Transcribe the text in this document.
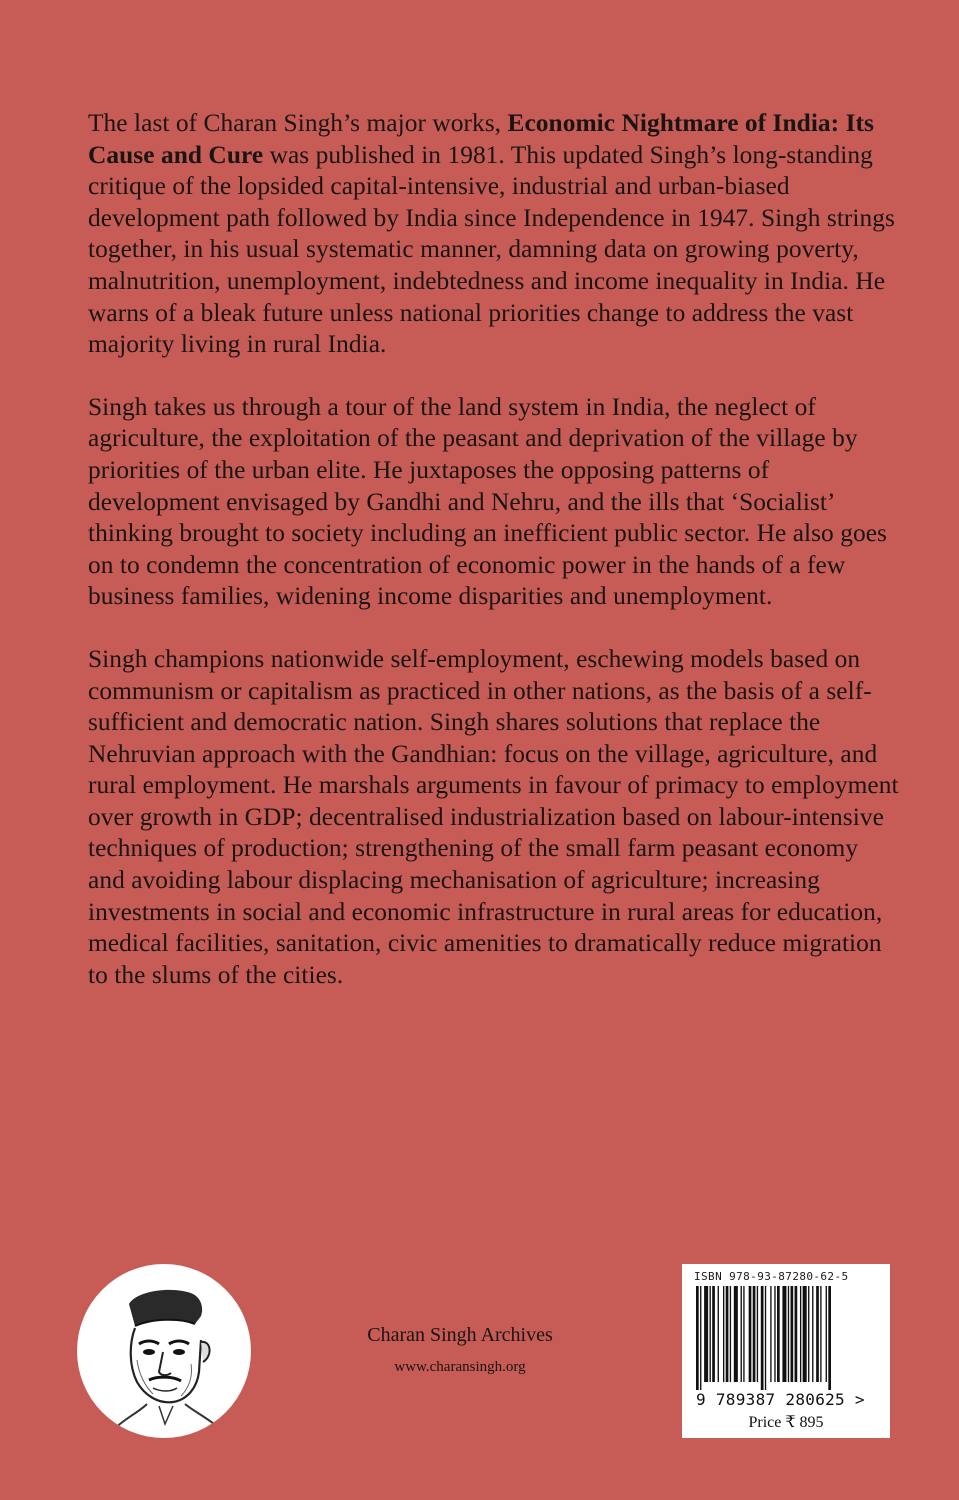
The last of Charan Singh’s major works, Economic Nightmare of India: Its Cause and Cure was published in 1981. This updated Singh’s long-standing critique of the lopsided capital-intensive, industrial and urban-biased development path followed by India since Independence in 1947. Singh strings together, in his usual systematic manner, damning data on growing poverty, malnutrition, unemployment, indebtedness and income inequality in India. He warns of a bleak future unless national priorities change to address the vast majority living in rural India.

Singh takes us through a tour of the land system in India, the neglect of agriculture, the exploitation of the peasant and deprivation of the village by priorities of the urban elite. He juxtaposes the opposing patterns of development envisaged by Gandhi and Nehru, and the ills that ‘Socialist’ thinking brought to society including an inefficient public sector. He also goes on to condemn the concentration of economic power in the hands of a few business families, widening income disparities and unemployment.

Singh champions nationwide self-employment, eschewing models based on communism or capitalism as practiced in other nations, as the basis of a self-sufficient and democratic nation. Singh shares solutions that replace the Nehruvian approach with the Gandhian: focus on the village, agriculture, and rural employment. He marshals arguments in favour of primacy to employment over growth in GDP; decentralised industrialization based on labour-intensive techniques of production; strengthening of the small farm peasant economy and avoiding labour displacing mechanisation of agriculture; increasing investments in social and economic infrastructure in rural areas for education, medical facilities, sanitation, civic amenities to dramatically reduce migration to the slums of the cities.

Charan Singh Archives
www.charansingh.org
ISBN 978-93-87280-62-5
9 789387 280625 >
Price ₹ 895
